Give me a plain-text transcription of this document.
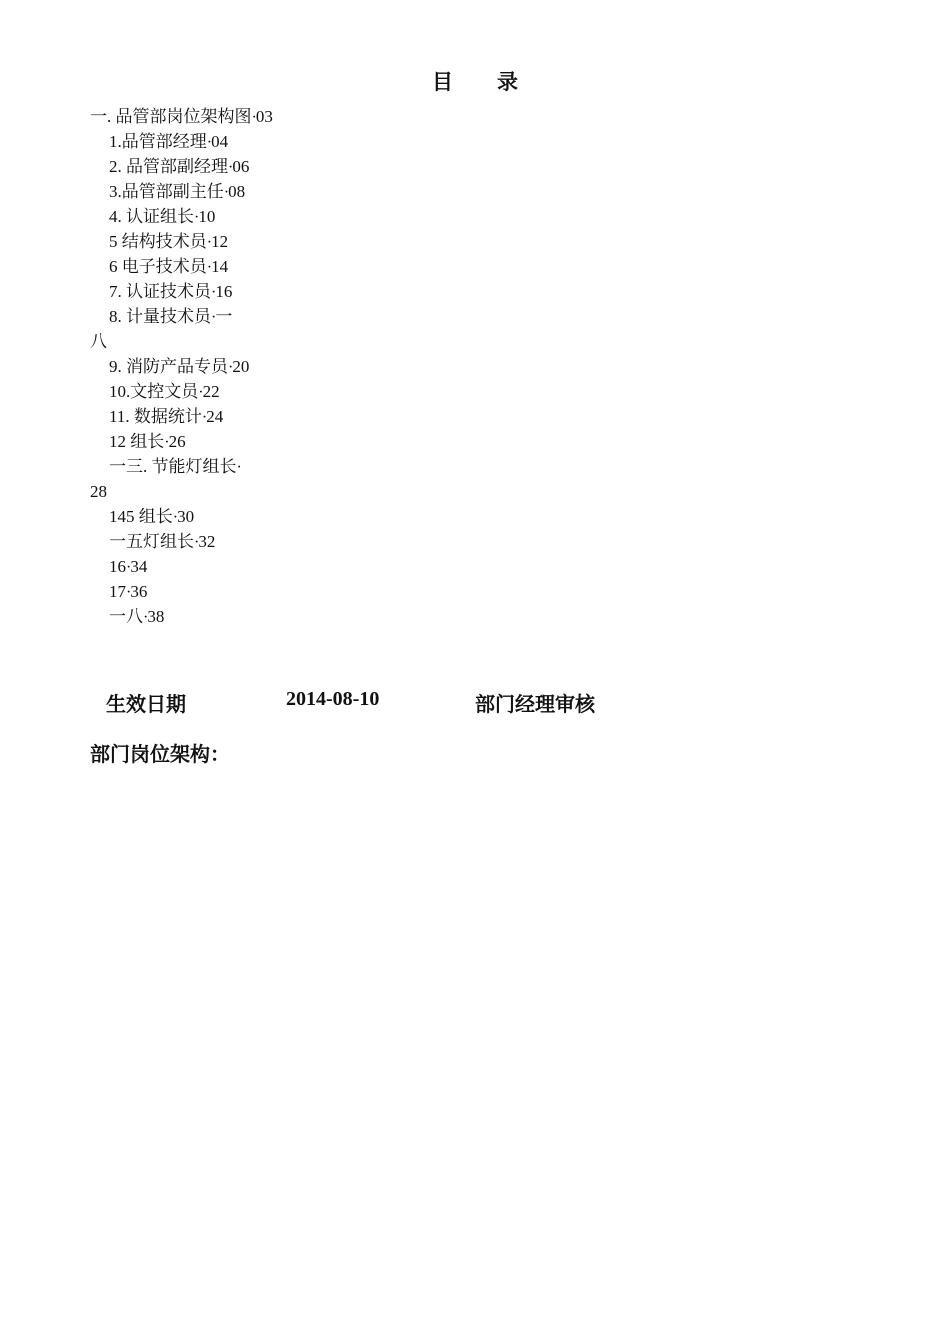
目 录
一. 品管部岗位架构图 · 03
1.品管部经理 · 04
2. 品管部副经理 · 06
3.品管部副主任 · 08
4. 认证组长 · 10
5 结构技术员 · 12
6 电子技术员 · 14
7. 认证技术员 · 16
8. 计量技术员 · 一
八
9. 消防产品专员 · 20
10.文控文员 · 22
11. 数据统计 · 24
12 组长 · 26
一三. 节能灯组长 ·
28
145 组长 · 30
一五灯组长 · 32
16 · 34
17 · 36
一八 · 38
生效日期	2014-08-10	部门经理审核
部门岗位架构：
